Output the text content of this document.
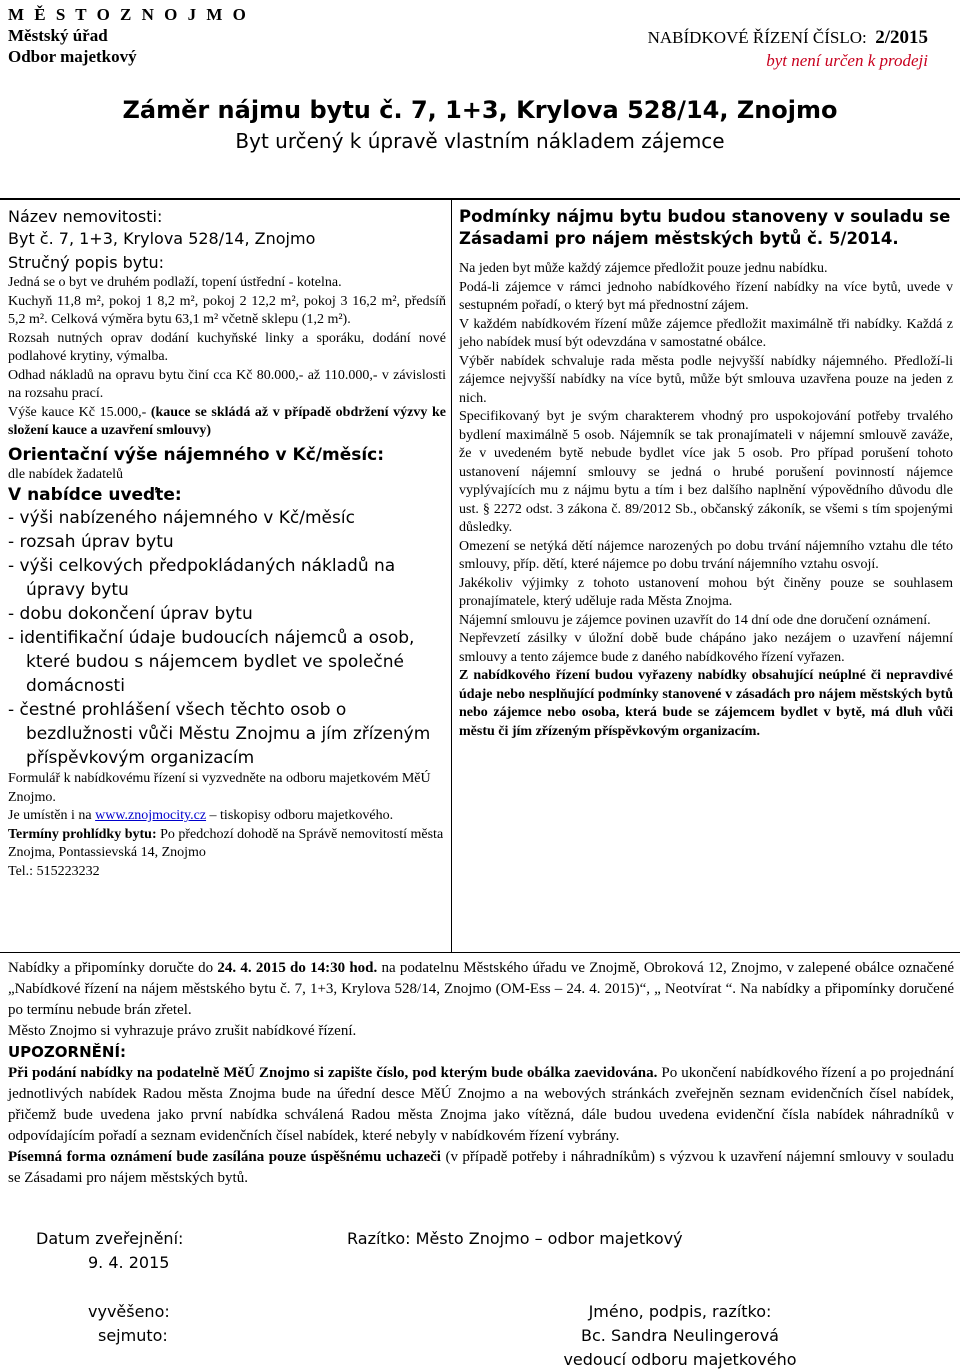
M Ě S T O Z N O J M O
Městský úřad
Odbor majetkový
NABÍDKOVÉ ŘÍZENÍ ČÍSLO: 2/2015
byt není určen k prodeji
Záměr nájmu bytu č. 7, 1+3, Krylova 528/14, Znojmo
Byt určený k úpravě vlastním nákladem zájemce
Název nemovitosti:
Byt č. 7, 1+3, Krylova 528/14, Znojmo
Stručný popis bytu:
Jedná se o byt ve druhém podlaží, topení ústřední - kotelna.
Kuchyň 11,8 m², pokoj 1 8,2 m², pokoj 2 12,2 m², pokoj 3 16,2 m², předsíň 5,2 m². Celková výměra bytu 63,1 m² včetně sklepu (1,2 m²).
Rozsah nutných oprav dodání kuchyňské linky a sporáku, dodání nové podlahové krytiny, výmalba.
Odhad nákladů na opravu bytu činí cca Kč 80.000,- až 110.000,- v závislosti na rozsahu prací.
Výše kauce Kč 15.000,- (kauce se skládá až v případě obdržení výzvy ke složení kauce a uzavření smlouvy)
Orientační výše nájemného v Kč/měsíc:
dle nabídek žadatelů
V nabídce uveďte:
- výši nabízeného nájemného v Kč/měsíc
- rozsah úprav bytu
- výši celkových předpokládaných nákladů na úpravy bytu
- dobu dokončení úprav bytu
- identifikační údaje budoucích nájemců a osob, které budou s nájemcem bydlet ve společné domácnosti
- čestné prohlášení všech těchto osob o bezdlužnosti vůči Městu Znojmu a jím zřízeným příspěvkovým organizacím
Formulář k nabídkovému řízení si vyzvedněte na odboru majetkovém MěÚ Znojmo.
Je umístěn i na www.znojmocity.cz – tiskopisy odboru majetkového.
Termíny prohlídky bytu: Po předchozí dohodě na Správě nemovitostí města Znojma, Pontassievská 14, Znojmo
Tel.: 515223232
Podmínky nájmu bytu budou stanoveny v souladu se Zásadami pro nájem městských bytů č. 5/2014.
Na jeden byt může každý zájemce předložit pouze jednu nabídku.
Podá-li zájemce v rámci jednoho nabídkového řízení nabídky na více bytů, uvede v sestupném pořadí, o který byt má přednostní zájem.
V každém nabídkovém řízení může zájemce předložit maximálně tři nabídky. Každá z jeho nabídek musí být odevzdána v samostatné obálce.
Výběr nabídek schvaluje rada města podle nejvyšší nabídky nájemného. Předloží-li zájemce nejvyšší nabídky na více bytů, může být smlouva uzavřena pouze na jeden z nich.
Specifikovaný byt je svým charakterem vhodný pro uspokojování potřeby trvalého bydlení maximálně 5 osob. Nájemník se tak pronajímateli v nájemní smlouvě zaváže, že v uvedeném bytě nebude bydlet více jak 5 osob. Pro případ porušení tohoto ustanovení nájemní smlouvy se jedná o hrubé porušení povinností nájemce vyplývajících mu z nájmu bytu a tím i bez dalšího naplnění výpovědního důvodu dle ust. § 2272 odst. 3 zákona č. 89/2012 Sb., občanský zákoník, se všemi s tím spojenými důsledky.
Omezení se netýká dětí nájemce narozených po dobu trvání nájemního vztahu dle této smlouvy, příp. dětí, které nájemce po dobu trvání nájemního vztahu osvojí.
Jakékoliv výjimky z tohoto ustanovení mohou být činěny pouze se souhlasem pronajímatele, který uděluje rada Města Znojma.
Nájemní smlouvu je zájemce povinen uzavřít do 14 dní ode dne doručení oznámení.
Nepřevzetí zásilky v úložní době bude chápáno jako nezájem o uzavření nájemní smlouvy a tento zájemce bude z daného nabídkového řízení vyřazen.
Z nabídkového řízení budou vyřazeny nabídky obsahující neúplné či nepravdivé údaje nebo nesplňující podmínky stanovené v zásadách pro nájem městských bytů nebo zájemce nebo osoba, která bude se zájemcem bydlet v bytě, má dluh vůči městu či jím zřízeným příspěvkovým organizacím.
Nabídky a připomínky doručte do 24. 4. 2015 do 14:30 hod. na podatelnu Městského úřadu ve Znojmě, Obroková 12, Znojmo, v zalepené obálce označené „Nabídkové řízení na nájem městského bytu č. 7, 1+3, Krylova 528/14, Znojmo (OM-Ess – 24. 4. 2015)“, „ Neotvírat “. Na nabídky a připomínky doručené po termínu nebude brán zřetel.
Město Znojmo si vyhrazuje právo zrušit nabídkové řízení.
UPOZORNĚNÍ:
Při podání nabídky na podatelně MěÚ Znojmo si zapište číslo, pod kterým bude obálka zaevidována. Po ukončení nabídkového řízení a po projednání jednotlivých nabídek Radou města Znojma bude na úřední desce MěÚ Znojmo a na webových stránkách zveřejněn seznam evidenčních čísel nabídek, přičemž bude uvedena jako první nabídka schválená Radou města Znojma jako vítězná, dále budou uvedena evidenční čísla nabídek náhradníků v odpovídajícím pořadí a seznam evidenčních čísel nabídek, které nebyly v nabídkovém řízení vybrány.
Písemná forma oznámení bude zasílána pouze úspěšnému uchazeči (v případě potřeby i náhradníkům) s výzvou k uzavření nájemní smlouvy v souladu se Zásadami pro nájem městských bytů.
Datum zveřejnění:
9. 4. 2015
Razítko: Město Znojmo – odbor majetkový
vyvěšeno:
sejmuto:
Jméno, podpis, razítko:
Bc. Sandra Neulingerová
vedoucí odboru majetkového
